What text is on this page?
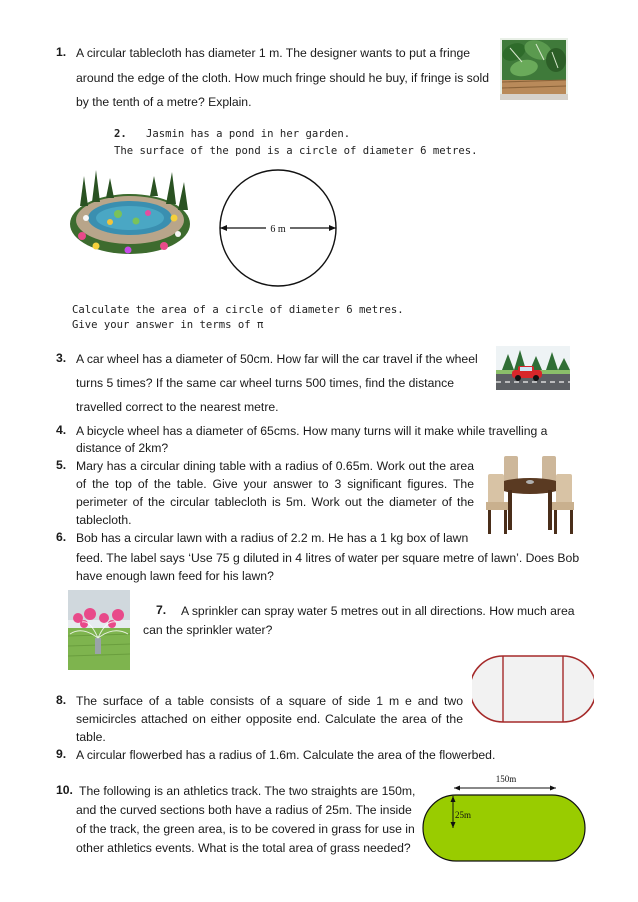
1. A circular tablecloth has diameter 1 m. The designer wants to put a fringe
around the edge of the cloth. How much fringe should he buy, if fringe is sold
by the tenth of a metre? Explain.
2. Jasmin has a pond in her garden.
The surface of the pond is a circle of diameter 6 metres.
Calculate the area of a circle of diameter 6 metres.
Give your answer in terms of π
6 m
3. A car wheel has a diameter of 50cm. How far will the car travel if the wheel
turns 5 times? If the same car wheel turns 500 times, find the distance
travelled correct to the nearest metre.
4. A bicycle wheel has a diameter of 65cms. How many turns will it make while travelling a
distance of 2km?
5. Mary has a circular dining table with a radius of 0.65m. Work out the area
of the top of the table. Give your answer to 3 significant figures. The
perimeter of the circular tablecloth is 5m. Work out the diameter of the
tablecloth.
6. Bob has a circular lawn with a radius of 2.2 m. He has a 1 kg box of lawn
feed. The label says ‘Use 75 g diluted in 4 litres of water per square metre of lawn’. Does Bob
have enough lawn feed for his lawn?
7. A sprinkler can spray water 5 metres out in all directions. How much area
can the sprinkler water?
8. The surface of a table consists of a square of side 1 m e and two
semicircles attached on either opposite end. Calculate the area of the
table.
9. A circular flowerbed has a radius of 1.6m. Calculate the area of the flowerbed.
10. The following is an athletics track. The two straights are 150m,
and the curved sections both have a radius of 25m. The inside
of the track, the green area, is to be covered in grass for use in
other athletics events. What is the total area of grass needed?
150m
25m
